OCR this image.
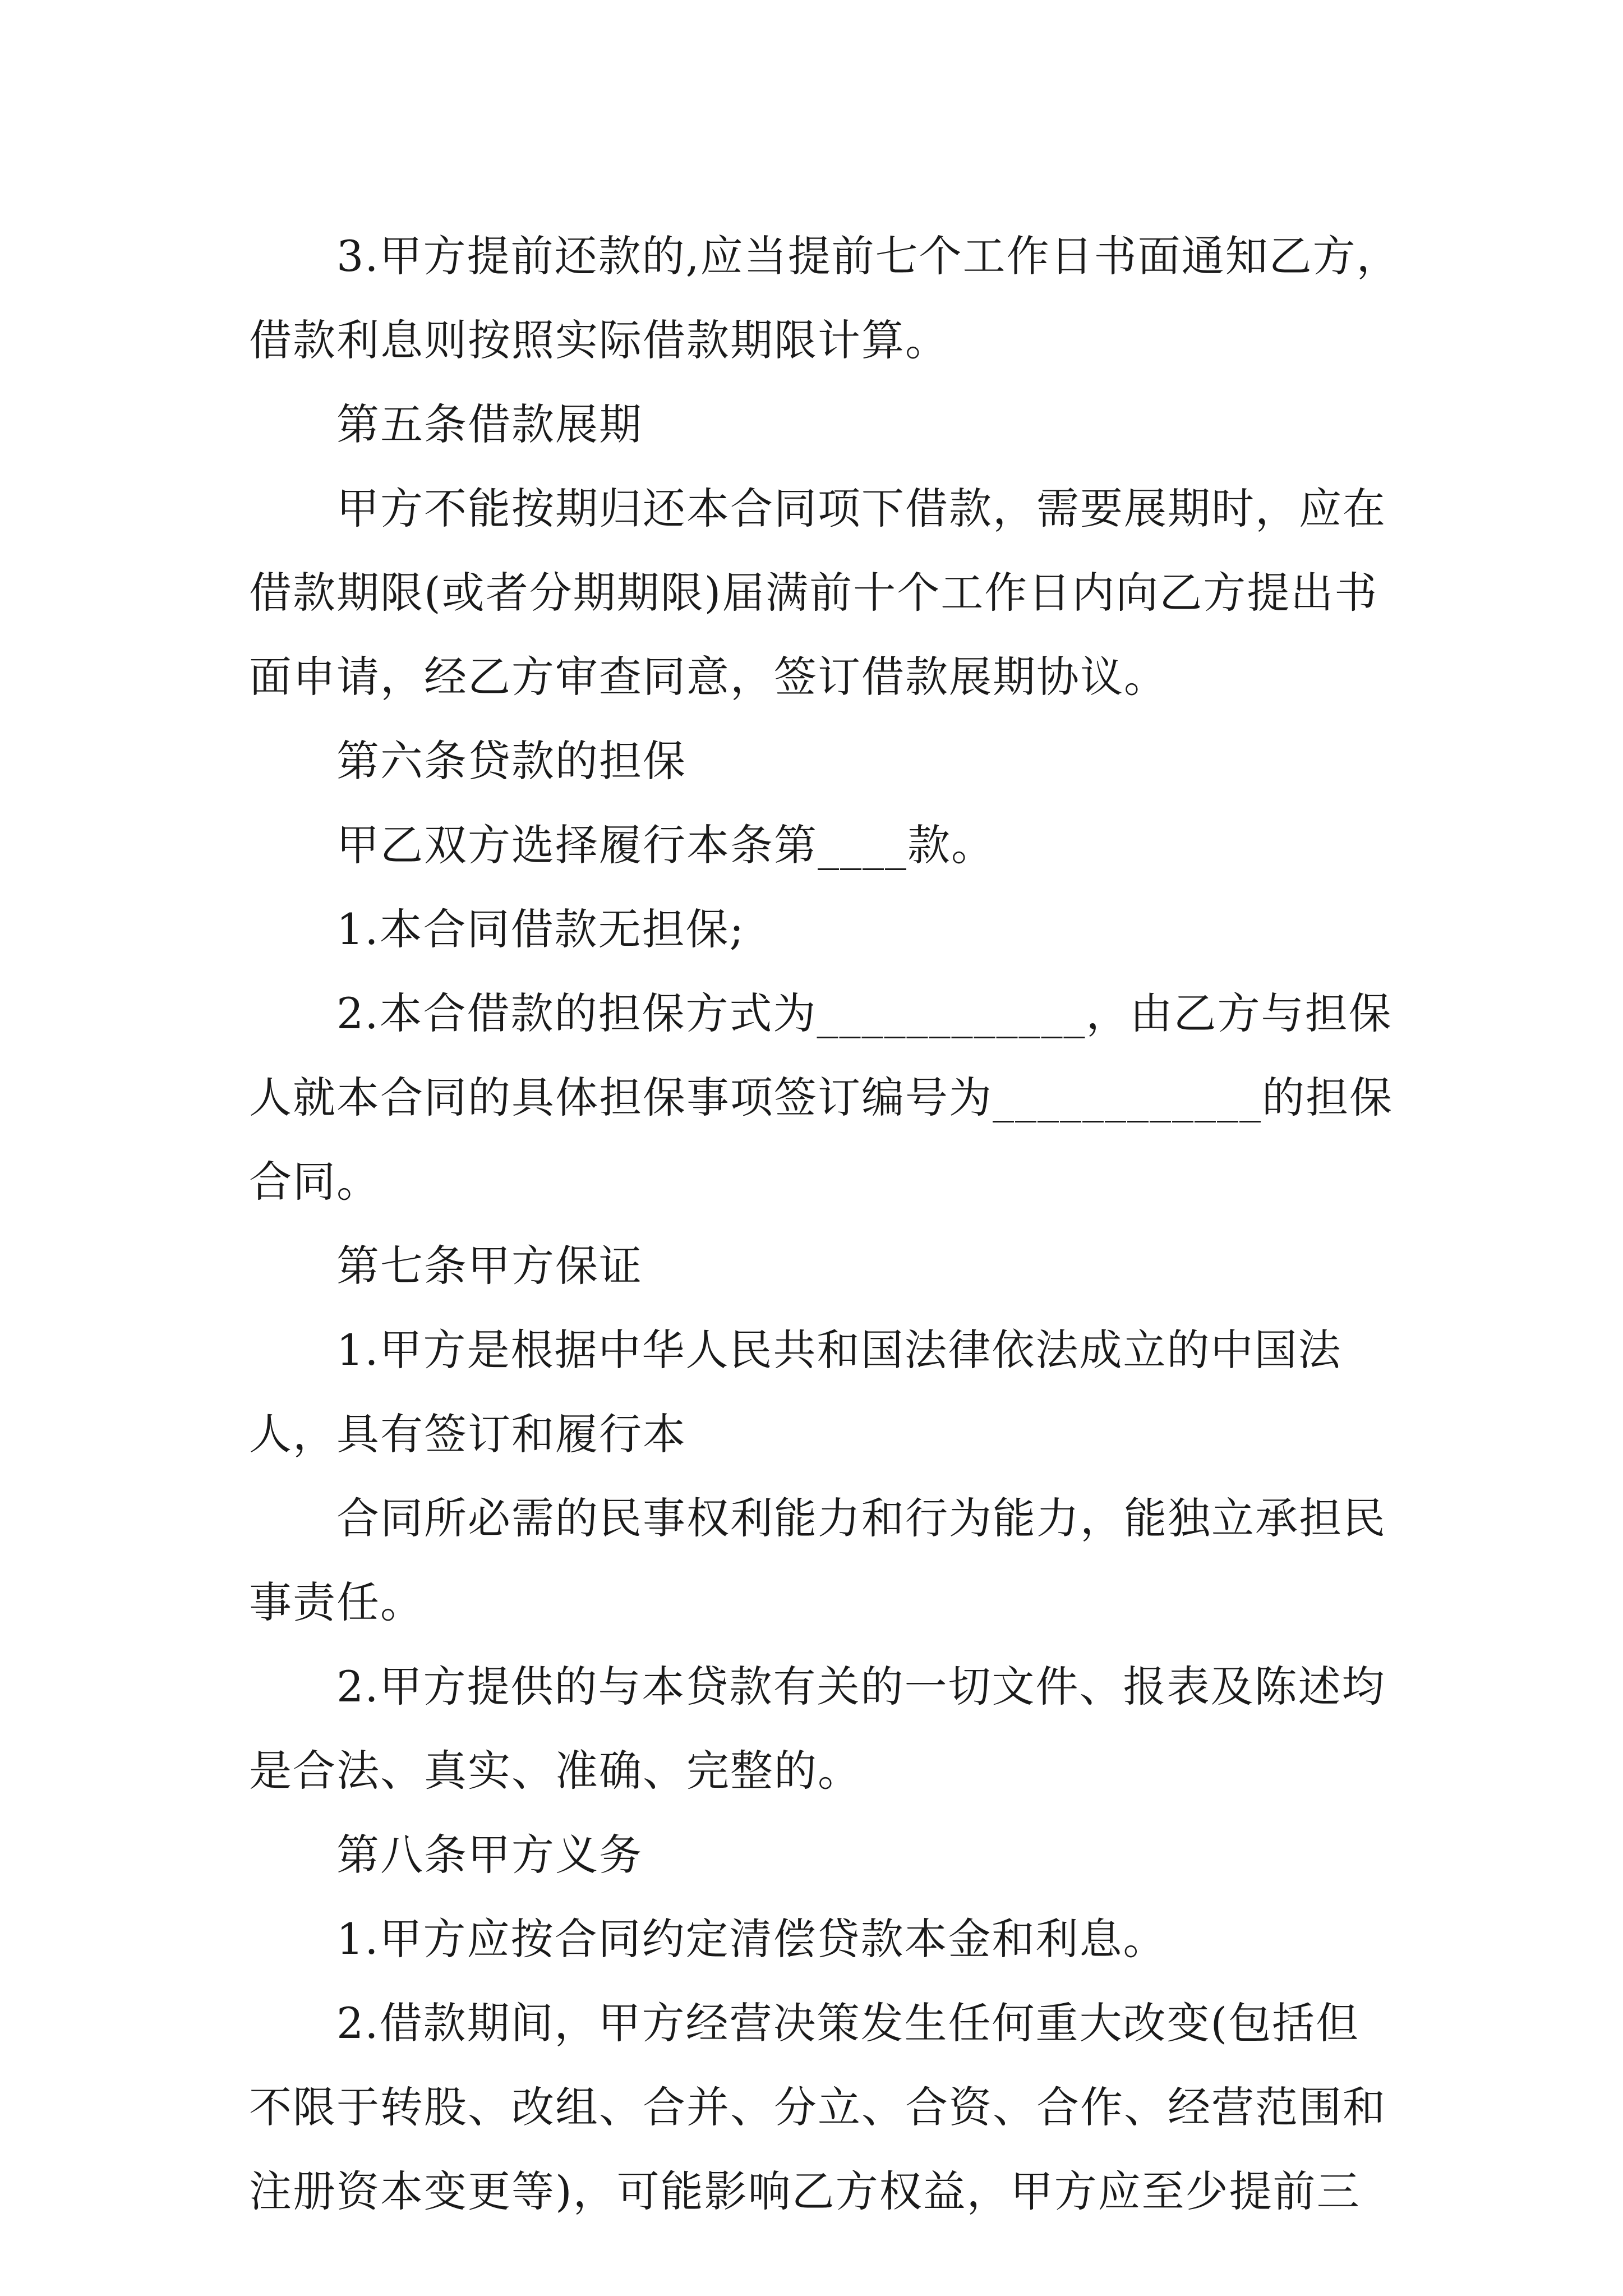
3.甲方提前还款的,应当提前七个工作日书面通知乙方，

借款利息则按照实际借款期限计算。

第五条借款展期

甲方不能按期归还本合同项下借款，需要展期时，应在

借款期限(或者分期期限)届满前十个工作日内向乙方提出书

面申请，经乙方审查同意，签订借款展期协议。

第六条贷款的担保

甲乙双方选择履行本条第____款。

1.本合同借款无担保;

2.本合借款的担保方式为____________，由乙方与担保

人就本合同的具体担保事项签订编号为____________的担保

合同。

第七条甲方保证

1.甲方是根据中华人民共和国法律依法成立的中国法

人，具有签订和履行本

合同所必需的民事权利能力和行为能力，能独立承担民

事责任。

2.甲方提供的与本贷款有关的一切文件、报表及陈述均

是合法、真实、准确、完整的。

第八条甲方义务

1.甲方应按合同约定清偿贷款本金和利息。

2.借款期间，甲方经营决策发生任何重大改变(包括但

不限于转股、改组、合并、分立、合资、合作、经营范围和

注册资本变更等)，可能影响乙方权益，甲方应至少提前三
